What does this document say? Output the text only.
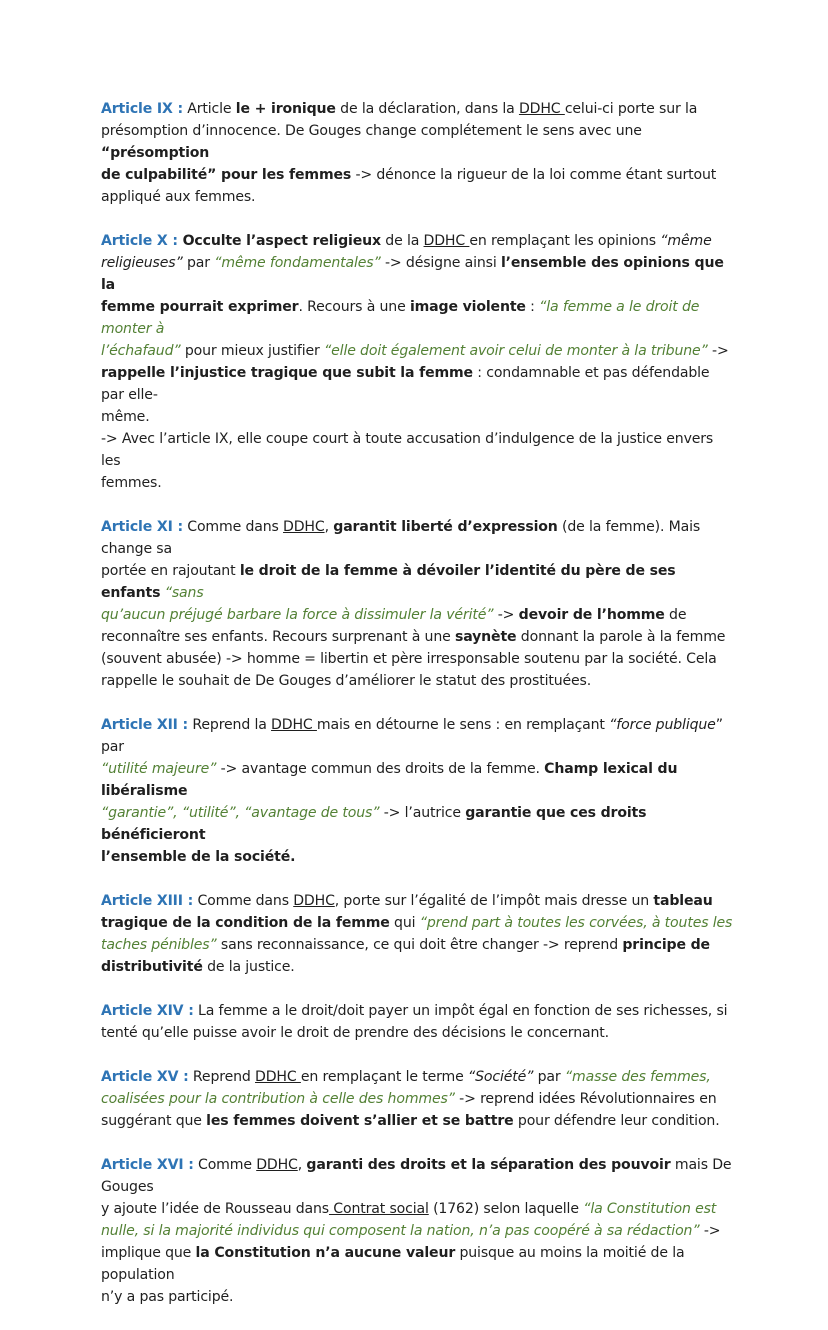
Article IX : Article le + ironique de la déclaration, dans la DDHC celui-ci porte sur la
présomption d’innocence. De Gouges change complétement le sens avec une “présomption
de culpabilité” pour les femmes -> dénonce la rigueur de la loi comme étant surtout
appliqué aux femmes.
Article X : Occulte l’aspect religieux de la DDHC en remplaçant les opinions “même
religieuses” par “même fondamentales” -> désigne ainsi l’ensemble des opinions que la
femme pourrait exprimer. Recours à une image violente : “la femme a le droit de monter à
l’échafaud” pour mieux justifier “elle doit également avoir celui de monter à la tribune” ->
rappelle l’injustice tragique que subit la femme : condamnable et pas défendable par elle-
même.
-> Avec l’article IX, elle coupe court à toute accusation d’indulgence de la justice envers les
femmes.
Article XI : Comme dans DDHC, garantit liberté d’expression (de la femme). Mais change sa
portée en rajoutant le droit de la femme à dévoiler l’identité du père de ses enfants “sans
qu’aucun préjugé barbare la force à dissimuler la vérité” -> devoir de l’homme de
reconnaître ses enfants. Recours surprenant à une saynète donnant la parole à la femme
(souvent abusée) -> homme = libertin et père irresponsable soutenu par la société. Cela
rappelle le souhait de De Gouges d’améliorer le statut des prostituées.
Article XII : Reprend la DDHC mais en détourne le sens : en remplaçant “force publique” par
“utilité majeure” -> avantage commun des droits de la femme. Champ lexical du libéralisme
“garantie”, “utilité”, “avantage de tous” -> l’autrice garantie que ces droits bénéficieront
l’ensemble de la société.
Article XIII : Comme dans DDHC, porte sur l’égalité de l’impôt mais dresse un tableau
tragique de la condition de la femme qui “prend part à toutes les corvées, à toutes les
taches pénibles” sans reconnaissance, ce qui doit être changer -> reprend principe de
distributivité de la justice.
Article XIV : La femme a le droit/doit payer un impôt égal en fonction de ses richesses, si
tenté qu’elle puisse avoir le droit de prendre des décisions le concernant.
Article XV : Reprend DDHC en remplaçant le terme “Société” par “masse des femmes,
coalisées pour la contribution à celle des hommes” -> reprend idées Révolutionnaires en
suggérant que les femmes doivent s’allier et se battre pour défendre leur condition.
Article XVI : Comme DDHC, garanti des droits et la séparation des pouvoir mais De Gouges
y ajoute l’idée de Rousseau dans Contrat social (1762) selon laquelle “la Constitution est
nulle, si la majorité individus qui composent la nation, n’a pas coopéré à sa rédaction” ->
implique que la Constitution n’a aucune valeur puisque au moins la moitié de la population
n’y a pas participé.
